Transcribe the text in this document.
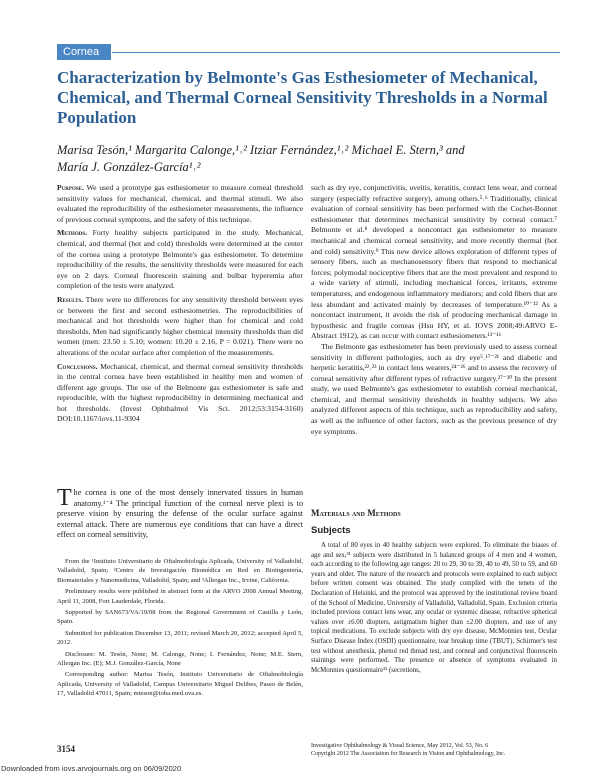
Cornea
Characterization by Belmonte's Gas Esthesiometer of Mechanical, Chemical, and Thermal Corneal Sensitivity Thresholds in a Normal Population
Marisa Tesón,¹ Margarita Calonge,¹˒² Itziar Fernández,¹˒² Michael E. Stern,³ and
María J. González-García¹˒²

Purpose. We used a prototype gas esthesiometer to measure corneal threshold sensitivity values for mechanical, chemical, and thermal stimuli. We also evaluated the reproducibility of the esthesiometer measurements, the influence of previous corneal symptoms, and the safety of this technique.

Methods. Forty healthy subjects participated in the study. Mechanical, chemical, and thermal (hot and cold) thresholds were determined at the center of the cornea using a prototype Belmonte's gas esthesiometer. To determine reproducibility of the results, the sensitivity thresholds were measured for each eye on 2 days. Corneal fluorescein staining and bulbar hyperemia after completion of the tests were analyzed.

Results. There were no differences for any sensitivity threshold between eyes or between the first and second esthesiometries. The reproducibilities of mechanical and hot thresholds were higher than for chemical and cold thresholds. Men had significantly higher chemical intensity thresholds than did women (men: 23.50 ± 5.10; women: 10.20 ± 2.16, P = 0.021). There were no alterations of the ocular surface after completion of the measurements.

Conclusions. Mechanical, chemical, and thermal corneal sensitivity thresholds in the central cornea have been established in healthy men and women of different age groups. The use of the Belmonte gas esthesiometer is safe and reproducible, with the highest reproducibility in determining mechanical and hot thresholds. (Invest Ophthalmol Vis Sci. 2012;53:3154-3160) DOI:10.1167/iovs.11-9304

such as dry eye, conjunctivitis, uveitis, keratitis, contact lens wear, and corneal surgery (especially refractive surgery), among others.⁵˒⁶ Traditionally, clinical evaluation of corneal sensitivity has been performed with the Cochet-Bonnet esthesiometer that determines mechanical sensitivity by corneal contact.⁷ Belmonte et al.⁸ developed a noncontact gas esthesiometer to measure mechanical and chemical corneal sensitivity, and more recently thermal (hot and cold) sensitivity.⁹ This new device allows exploration of different types of sensory fibers, such as mechanosensory fibers that respond to mechanical forces; polymodal nociceptive fibers that are the most prevalent and respond to a wide variety of stimuli, including mechanical forces, irritants, extreme temperatures, and endogenous inflammatory mediators; and cold fibers that are less abundant and activated mainly by decreases of temperature.¹⁰⁻¹² As a noncontact instrument, it avoids the risk of producing mechanical damage in hyposthesic and fragile corneas (Hsu HY, et al. IOVS 2008;49:ARVO E-Abstract 1912), as can occur with contact esthesiometers.¹³⁻¹⁶

The Belmonte gas esthesiometer has been previously used to assess corneal sensitivity in different pathologies, such as dry eye⁵˒¹⁷⁻²¹ and diabetic and herpetic keratitis,²²˒²³ in contact lens wearers,²⁴⁻²⁶ and to assess the recovery of corneal sensitivity after different types of refractive surgery.²⁷⁻³⁰ In the present study, we used Belmonte's gas esthesiometer to establish corneal mechanical, chemical, and thermal sensitivity thresholds in healthy subjects. We also analyzed different aspects of this technique, such as reproducibility and safety, as well as the influence of other factors, such as the previous presence of dry eye symptoms.

The cornea is one of the most densely innervated tissues in human anatomy.¹⁻⁴ The principal function of the corneal nerve plexi is to preserve vision by ensuring the defense of the ocular surface against external attack. There are numerous eye conditions that can have a direct effect on corneal sensitivity,

From the ¹Instituto Universitario de Oftalmobiología Aplicada, University of Valladolid, Valladolid, Spain; ²Centro de Investigación Biomédica en Red en Bioingeniería, Biomateriales y Nanomedicina, Valladolid, Spain; and ³Allergan Inc., Irvine, California.

Preliminary results were published in abstract form at the ARVO 2008 Annual Meeting, April 11, 2008, Fort Lauderdale, Florida.

Supported by SAN673/VA/19/08 from the Regional Government of Castilla y León, Spain.

Submitted for publication December 13, 2011; revised March 20, 2012; accepted April 5, 2012.

Disclosure: M. Tesón, None; M. Calonge, None; I. Fernández, None; M.E. Stern, Allergan Inc. (E); M.J. González-García, None

Corresponding author: Marisa Tesón, Instituto Universitario de Oftalmobiología Aplicada, University of Valladolid, Campus Universitario Miguel Delibes, Paseo de Belén, 17, Valladolid 47011, Spain; mteson@ioba.med.uva.es.

Materials and Methods
Subjects

A total of 80 eyes in 40 healthy subjects were explored. To eliminate the biases of age and sex,³¹ subjects were distributed in 5 balanced groups of 4 men and 4 women, each according to the following age ranges: 20 to 29, 30 to 39, 40 to 49, 50 to 59, and 60 years and older. The nature of the research and protocols were explained to each subject before written consent was obtained. The study complied with the tenets of the Declaration of Helsinki, and the protocol was approved by the institutional review board of the School of Medicine, University of Valladolid, Valladolid, Spain. Exclusion criteria included previous contact lens wear, any ocular or systemic disease, refractive spherical values over ±6.00 diopters, astigmatism higher than ±2.00 diopters, and use of any topical medications. To exclude subjects with dry eye disease, McMonnies test, Ocular Surface Disease Index (OSDI) questionnaire, tear breakup time (TBUT), Schirmer's test test without anesthesia, phenol red thread test, and corneal and conjunctival fluorescein stainings were performed. The presence or absence of symptoms evaluated in McMonnies questionnaire³² (secretions,

3154	Investigative Ophthalmology & Visual Science, May 2012, Vol. 53, No. 6
Copyright 2012 The Association for Research in Vision and Ophthalmology, Inc.
Downloaded from iovs.arvojournals.org on 06/09/2020
